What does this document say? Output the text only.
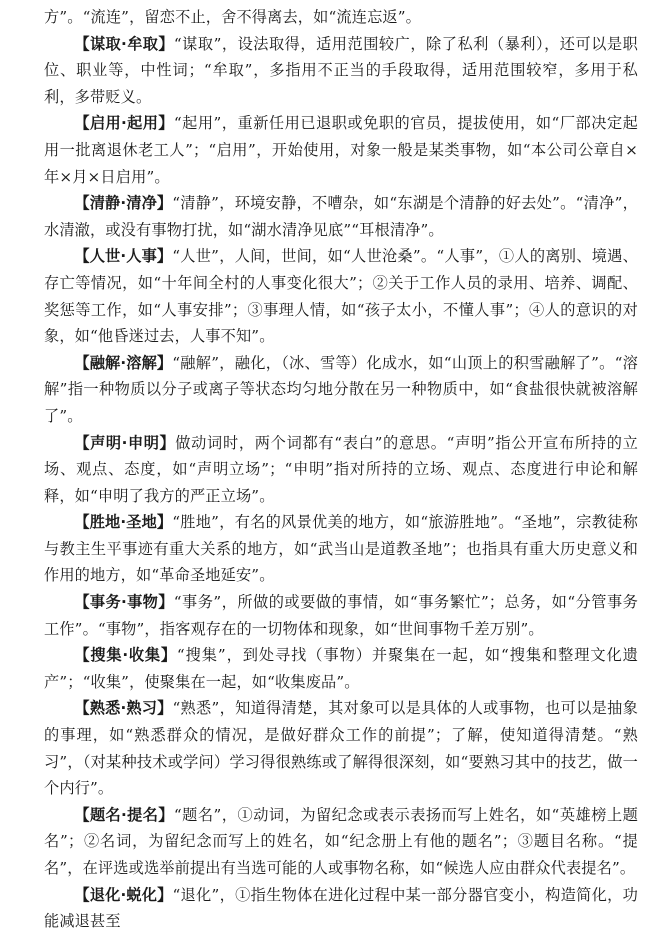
方”。“流连”，留恋不止，舍不得离去，如“流连忘返”。

【谋取·牟取】“谋取”，设法取得，适用范围较广，除了私利（暴利），还可以是职位、职业等，中性词；“牟取”，多指用不正当的手段取得，适用范围较窄，多用于私利，多带贬义。

【启用·起用】“起用”，重新任用已退职或免职的官员，提拔使用，如“厂部决定起用一批离退休老工人”；“启用”，开始使用，对象一般是某类事物，如“本公司公章自×年×月×日启用”。

【清静·清净】“清静”，环境安静，不嘈杂，如“东湖是个清静的好去处”。“清净”，水清澈，或没有事物打扰，如“湖水清净见底”“耳根清净”。

【人世·人事】“人世”，人间，世间，如“人世沧桑”。“人事”，①人的离别、境遇、存亡等情况，如“十年间全村的人事变化很大”；②关于工作人员的录用、培养、调配、奖惩等工作，如“人事安排”；③事理人情，如“孩子太小，不懂人事”；④人的意识的对象，如“他昏迷过去，人事不知”。

【融解·溶解】“融解”，融化，（冰、雪等）化成水，如“山顶上的积雪融解了”。“溶解”指一种物质以分子或离子等状态均匀地分散在另一种物质中，如“食盐很快就被溶解了”。

【声明·申明】做动词时，两个词都有“表白”的意思。“声明”指公开宣布所持的立场、观点、态度，如“声明立场”；“申明”指对所持的立场、观点、态度进行申论和解释，如“申明了我方的严正立场”。

【胜地·圣地】“胜地”，有名的风景优美的地方，如“旅游胜地”。“圣地”，宗教徒称与教主生平事迹有重大关系的地方，如“武当山是道教圣地”；也指具有重大历史意义和作用的地方，如“革命圣地延安”。

【事务·事物】“事务”，所做的或要做的事情，如“事务繁忙”；总务，如“分管事务工作”。“事物”，指客观存在的一切物体和现象，如“世间事物千差万别”。

【搜集·收集】“搜集”，到处寻找（事物）并聚集在一起，如“搜集和整理文化遗产”；“收集”，使聚集在一起，如“收集废品”。

【熟悉·熟习】“熟悉”，知道得清楚，其对象可以是具体的人或事物，也可以是抽象的事理，如“熟悉群众的情况，是做好群众工作的前提”；了解，使知道得清楚。“熟习”，（对某种技术或学问）学习得很熟练或了解得很深刻，如“要熟习其中的技艺，做一个内行”。

【题名·提名】“题名”，①动词，为留纪念或表示表扬而写上姓名，如“英雄榜上题名”；②名词，为留纪念而写上的姓名，如“纪念册上有他的题名”；③题目名称。“提名”，在评选或选举前提出有当选可能的人或事物名称，如“候选人应由群众代表提名”。

【退化·蜕化】“退化”，①指生物体在进化过程中某一部分器官变小，构造简化，功能减退甚至
